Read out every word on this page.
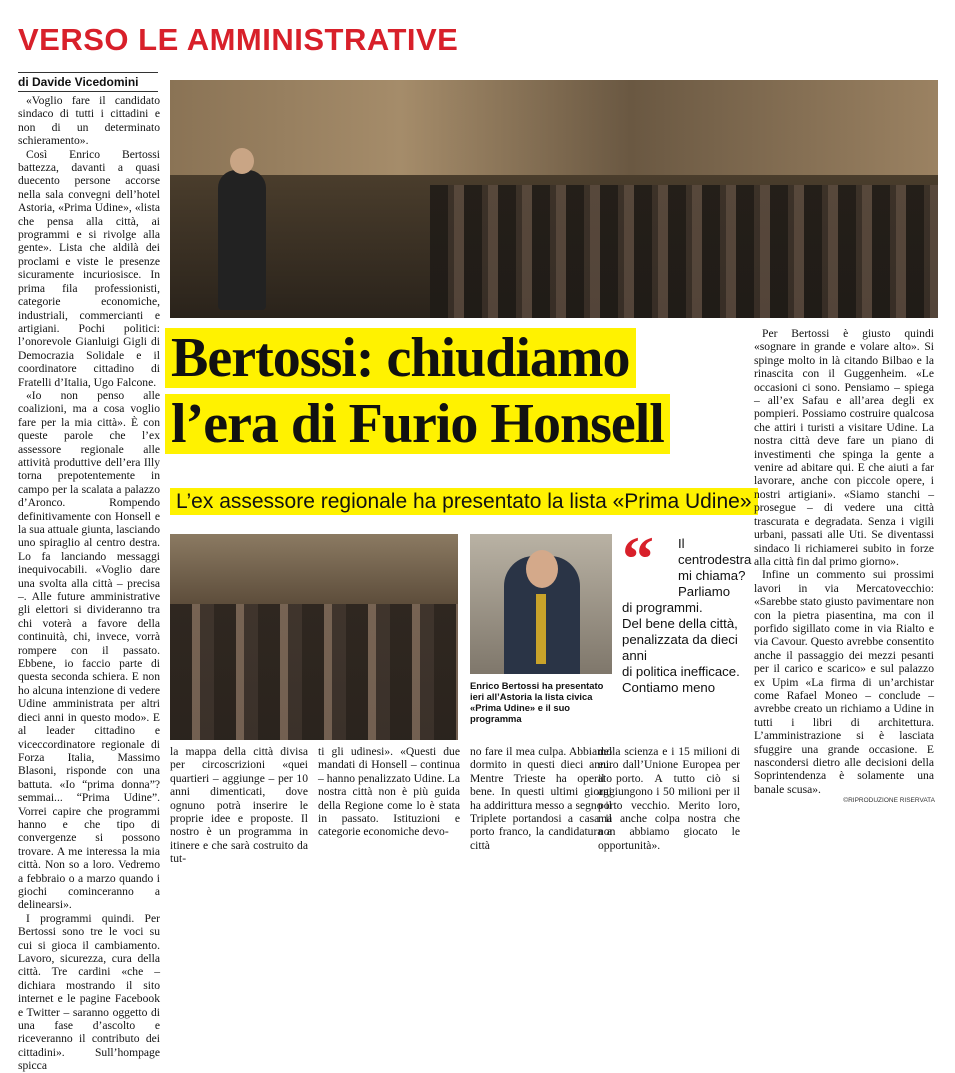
VERSO LE AMMINISTRATIVE
di Davide Vicedomini

«Voglio fare il candidato sindaco di tutti i cittadini e non di un determinato schieramento».

Così Enrico Bertossi battezza, davanti a quasi duecento persone accorse nella sala convegni dell’hotel Astoria, «Prima Udine», «lista che pensa alla città, ai programmi e si rivolge alla gente». Lista che aldilà dei proclami e viste le presenze sicuramente incuriosisce. In prima fila professionisti, categorie economiche, industriali, commercianti e artigiani. Pochi politici: l’onorevole Gianluigi Gigli di Democrazia Solidale e il coordinatore cittadino di Fratelli d’Italia, Ugo Falcone.

«Io non penso alle coalizioni, ma a cosa voglio fare per la mia città». È con queste parole che l’ex assessore regionale alle attività produttive dell’era Illy torna prepotentemente in campo per la scalata a palazzo d’Aronco. Rompendo definitivamente con Honsell e la sua attuale giunta, lasciando uno spiraglio al centro destra. Lo fa lanciando messaggi inequivocabili. «Voglio dare una svolta alla città – precisa –. Alle future amministrative gli elettori si divideranno tra chi voterà a favore della continuità, chi, invece, vorrà rompere con il passato. Ebbene, io faccio parte di questa seconda schiera. E non ho alcuna intenzione di vedere Udine amministrata per altri dieci anni in questo modo». E al leader cittadino e viceccordinatore regionale di Forza Italia, Massimo Blasoni, risponde con una battuta. «Io “prima donna”? semmai... “Prima Udine”. Vorrei capire che programmi hanno e che tipo di convergenze si possono trovare. A me interessa la mia città. Non so a loro. Vedremo a febbraio o a marzo quando i giochi cominceranno a delinearsi».

I programmi quindi. Per Bertossi sono tre le voci su cui si gioca il cambiamento. Lavoro, sicurezza, cura della città. Tre cardini «che – dichiara mostrando il sito internet e le pagine Facebook e Twitter – saranno oggetto di una fase d’ascolto e riceveranno il contributo dei cittadini». Sull’hompage spicca

Bertossi: chiudiamo
l’era di Furio Honsell
L’ex assessore regionale ha presentato la lista «Prima Udine»
Enrico Bertossi ha presentato ieri all’Astoria la lista civica «Prima Udine» e il suo programma
“	Il centrodestra
mi chiama?
Parliamo
di programmi.
Del bene della città,
penalizzata da dieci anni
di politica inefficace.
Contiamo meno
la mappa della città divisa per circoscrizioni «quei quartieri – aggiunge – per 10 anni dimenticati, dove ognuno potrà inserire le proprie idee e proposte. Il nostro è un programma in itinere e che sarà costruito da tut-
ti gli udinesi». «Questi due mandati di Honsell – continua – hanno penalizzato Udine. La nostra città non è più guida della Regione come lo è stata in passato. Istituzioni e categorie economiche devo-
no fare il mea culpa. Abbiamo dormito in questi dieci anni. Mentre Trieste ha operato bene. In questi ultimi giorni ha addirittura messo a segno il Triplete portandosi a casa il porto franco, la candidatura a città
della scienza e i 15 milioni di euro dall’Unione Europea per il porto. A tutto ciò si aggiungono i 50 milioni per il porto vecchio. Merito loro, ma anche colpa nostra che non abbiamo giocato le opportunità».

Per Bertossi è giusto quindi «sognare in grande e volare alto». Si spinge molto in là citando Bilbao e la rinascita con il Guggenheim. «Le occasioni ci sono. Pensiamo – spiega – all’ex Safau e all’area degli ex pompieri. Possiamo costruire qualcosa che attiri i turisti a visitare Udine. La nostra città deve fare un piano di investimenti che spinga la gente a venire ad abitare qui. E che aiuti a far lavorare, anche con piccole opere, i nostri artigiani». «Siamo stanchi – prosegue – di vedere una città trascurata e degradata. Senza i vigili urbani, passati alle Uti. Se diventassi sindaco li richiamerei subito in forze alla città fin dal primo giorno».

Infine un commento sui prossimi lavori in via Mercatovecchio: «Sarebbe stato giusto pavimentare non con la pietra piasentina, ma con il porfido sigillato come in via Rialto e via Cavour. Questo avrebbe consentito anche il passaggio dei mezzi pesanti per il carico e scarico» e sul palazzo ex Upim «La firma di un’archistar come Rafael Moneo – conclude – avrebbe creato un richiamo a Udine in tutti i libri di architettura. L’amministrazione si è lasciata sfuggire una grande occasione. E nascondersi dietro alle decisioni della Soprintendenza è solamente una banale scusa».

©RIPRODUZIONE RISERVATA
